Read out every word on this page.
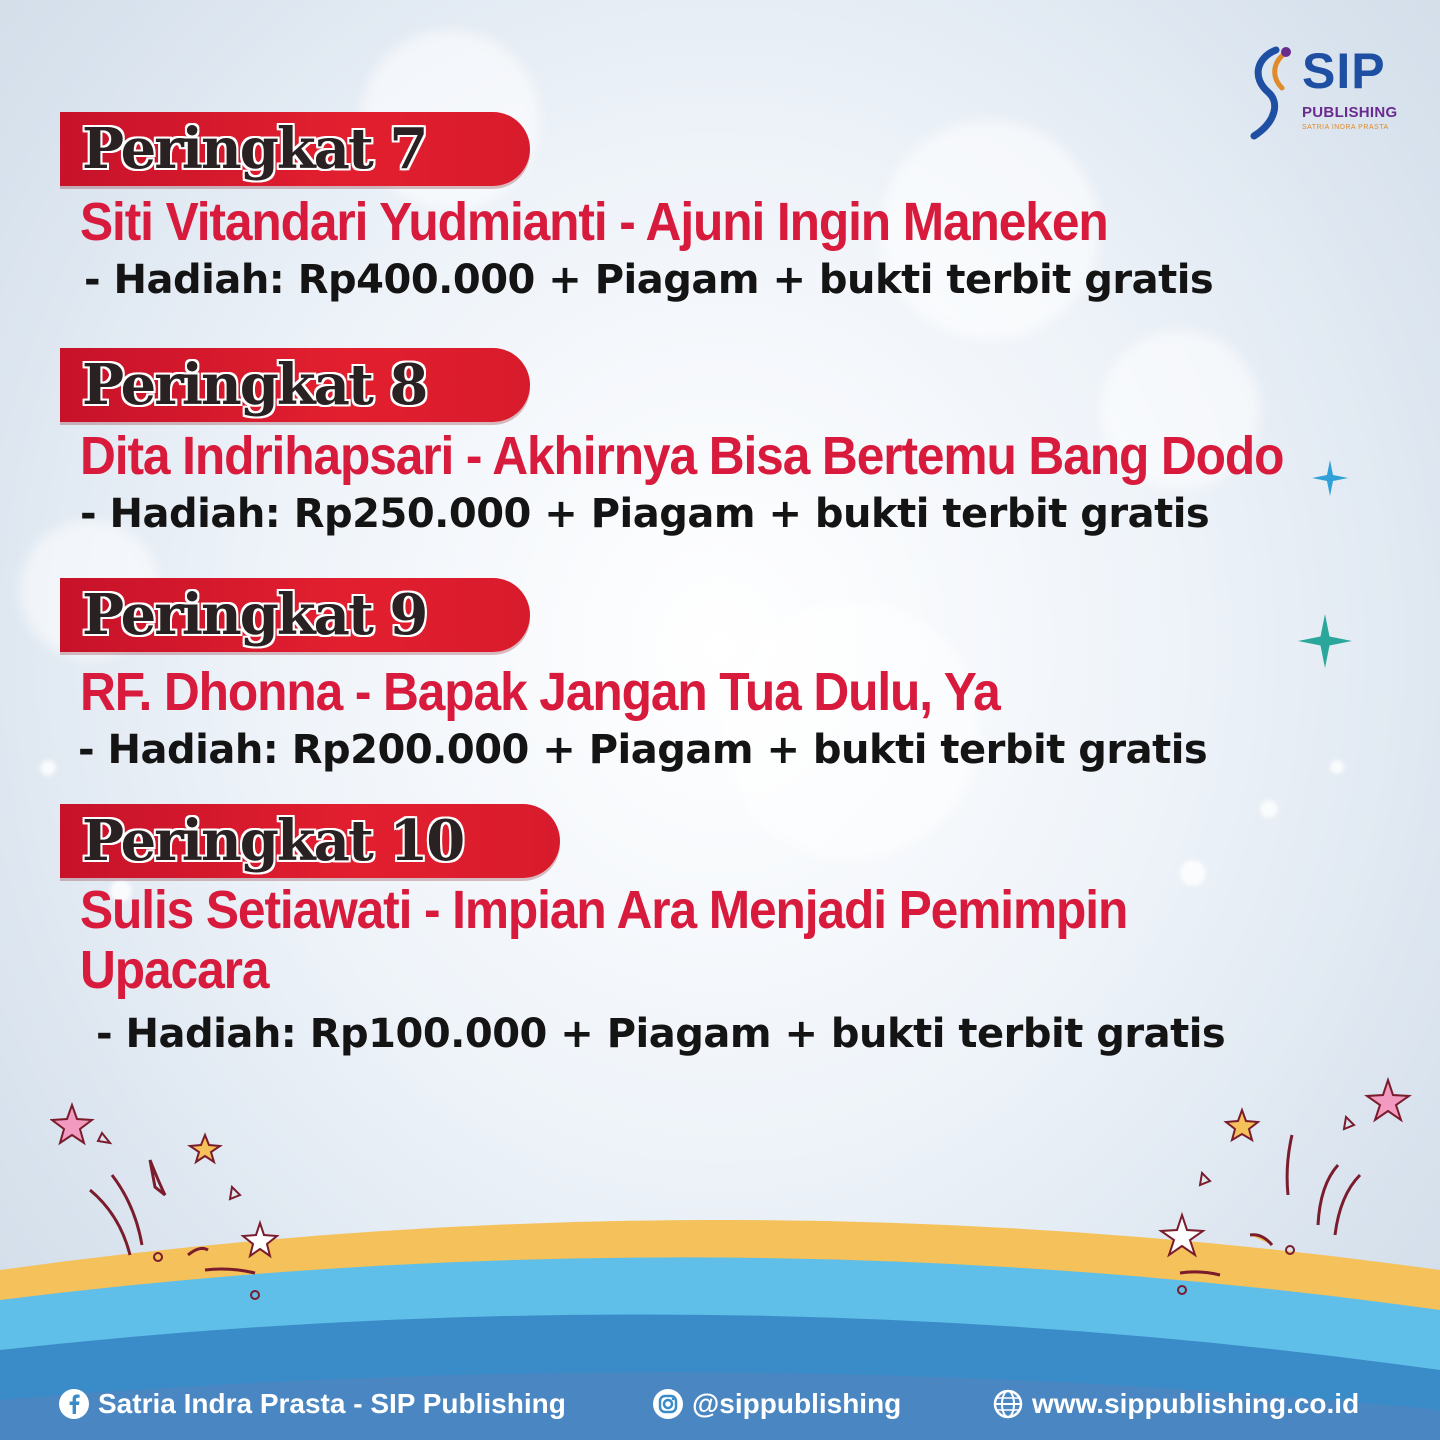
SIP
PUBLISHING
SATRIA INDRA PRASTA
Peringkat 7
Siti Vitandari Yudmianti - Ajuni Ingin Maneken
- Hadiah: Rp400.000 + Piagam + bukti terbit gratis
Peringkat 8
Dita Indrihapsari - Akhirnya Bisa Bertemu Bang Dodo
- Hadiah: Rp250.000 + Piagam + bukti terbit gratis
Peringkat 9
RF. Dhonna - Bapak Jangan Tua Dulu, Ya
- Hadiah: Rp200.000 + Piagam + bukti terbit gratis
Peringkat 10
Sulis Setiawati - Impian Ara Menjadi Pemimpin Upacara
- Hadiah: Rp100.000 + Piagam + bukti terbit gratis
Satria Indra Prasta - SIP Publishing	@sippublishing	www.sippublishing.co.id
